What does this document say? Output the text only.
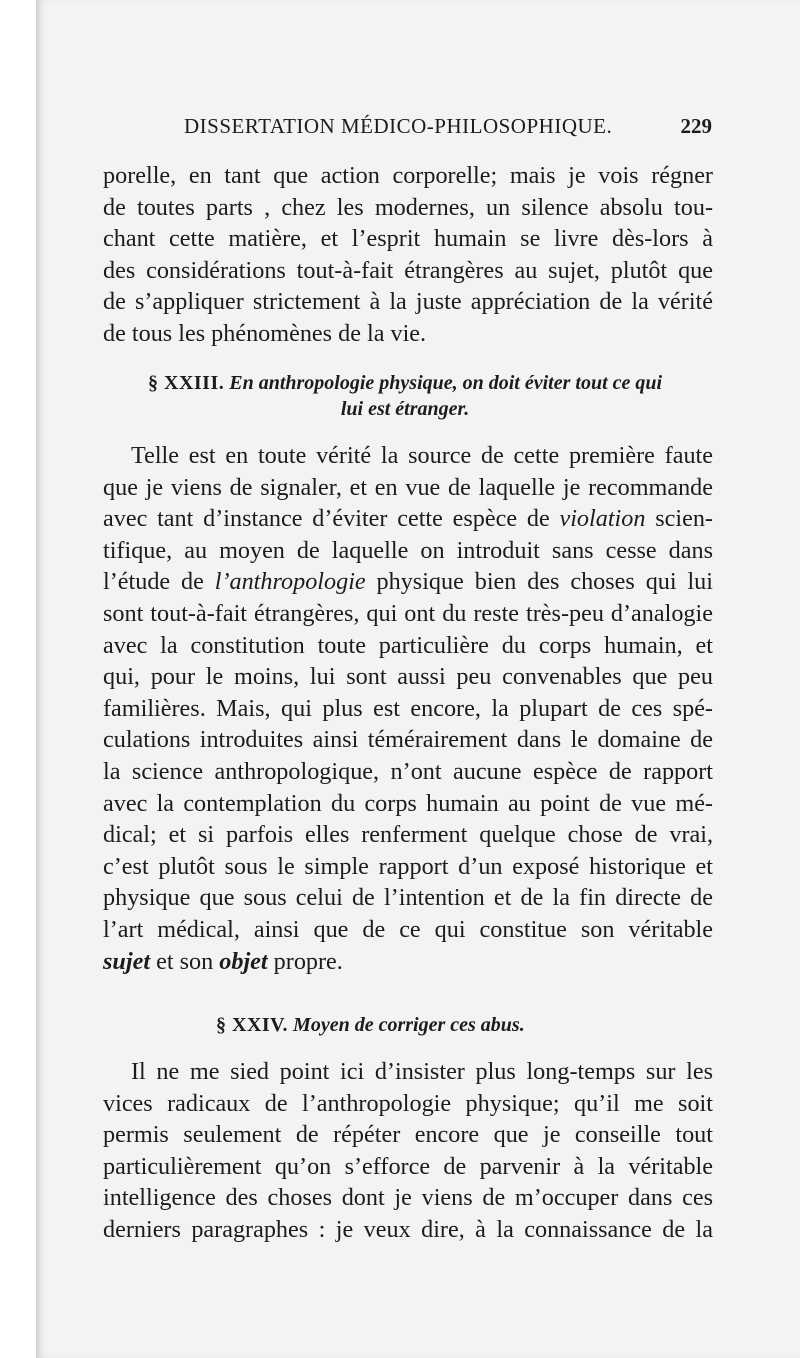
DISSERTATION MÉDICO-PHILOSOPHIQUE.	229
porelle, en tant que action corporelle; mais je vois régner
de toutes parts , chez les modernes, un silence absolu tou-
chant cette matière, et l’esprit humain se livre dès-lors à
des considérations tout-à-fait étrangères au sujet, plutôt que
de s’appliquer strictement à la juste appréciation de la vérité
de tous les phénomènes de la vie.
§ XXIII. En anthropologie physique, on doit éviter tout ce qui
lui est étranger.
Telle est en toute vérité la source de cette première faute
que je viens de signaler, et en vue de laquelle je recommande
avec tant d’instance d’éviter cette espèce de violation scien-
tifique, au moyen de laquelle on introduit sans cesse dans
l’étude de l’anthropologie physique bien des choses qui lui
sont tout-à-fait étrangères, qui ont du reste très-peu d’analogie
avec la constitution toute particulière du corps humain, et
qui, pour le moins, lui sont aussi peu convenables que peu
familières. Mais, qui plus est encore, la plupart de ces spé-
culations introduites ainsi témérairement dans le domaine de
la science anthropologique, n’ont aucune espèce de rapport
avec la contemplation du corps humain au point de vue mé-
dical; et si parfois elles renferment quelque chose de vrai,
c’est plutôt sous le simple rapport d’un exposé historique et
physique que sous celui de l’intention et de la fin directe de
l’art médical, ainsi que de ce qui constitue son véritable
sujet et son objet propre.
§ XXIV. Moyen de corriger ces abus.
Il ne me sied point ici d’insister plus long-temps sur les
vices radicaux de l’anthropologie physique; qu’il me soit
permis seulement de répéter encore que je conseille tout
particulièrement qu’on s’efforce de parvenir à la véritable
intelligence des choses dont je viens de m’occuper dans ces
derniers paragraphes : je veux dire, à la connaissance de la
